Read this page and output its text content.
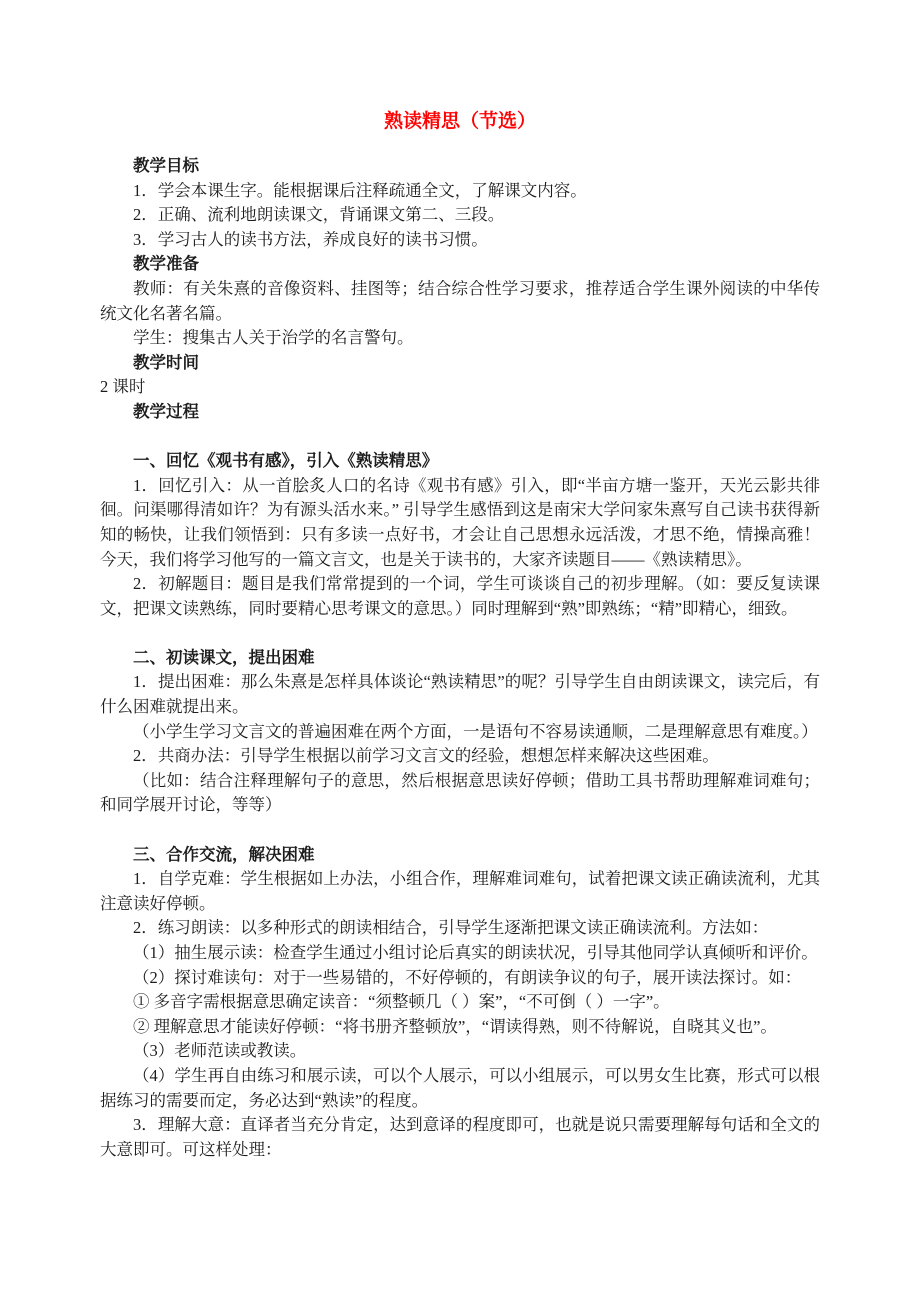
熟读精思（节选）

教学目标

1．学会本课生字。能根据课后注释疏通全文，了解课文内容。

2．正确、流利地朗读课文，背诵课文第二、三段。

3．学习古人的读书方法，养成良好的读书习惯。

教学准备

教师：有关朱熹的音像资料、挂图等；结合综合性学习要求，推荐适合学生课外阅读的中华传统文化名著名篇。

学生：搜集古人关于治学的名言警句。

教学时间

2 课时

教学过程

一、回忆《观书有感》，引入《熟读精思》

1．回忆引入：从一首脍炙人口的名诗《观书有感》引入，即“半亩方塘一鉴开，天光云影共徘徊。问渠哪得清如许？为有源头活水来。” 引导学生感悟到这是南宋大学问家朱熹写自己读书获得新知的畅快，让我们领悟到：只有多读一点好书，才会让自己思想永远活泼，才思不绝，情操高雅！今天，我们将学习他写的一篇文言文，也是关于读书的，大家齐读题目——《熟读精思》。

2．初解题目：题目是我们常常提到的一个词，学生可谈谈自己的初步理解。（如：要反复读课文，把课文读熟练，同时要精心思考课文的意思。）同时理解到“熟”即熟练；“精”即精心，细致。

二、初读课文，提出困难

1．提出困难：那么朱熹是怎样具体谈论“熟读精思”的呢？引导学生自由朗读课文，读完后，有什么困难就提出来。

（小学生学习文言文的普遍困难在两个方面，一是语句不容易读通顺，二是理解意思有难度。）

2．共商办法：引导学生根据以前学习文言文的经验，想想怎样来解决这些困难。

（比如：结合注释理解句子的意思，然后根据意思读好停顿；借助工具书帮助理解难词难句；和同学展开讨论，等等）

三、合作交流，解决困难

1．自学克难：学生根据如上办法，小组合作，理解难词难句，试着把课文读正确读流利，尤其注意读好停顿。

2．练习朗读：以多种形式的朗读相结合，引导学生逐渐把课文读正确读流利。方法如：

（1）抽生展示读：检查学生通过小组讨论后真实的朗读状况，引导其他同学认真倾听和评价。

（2）探讨难读句：对于一些易错的，不好停顿的，有朗读争议的句子，展开读法探讨。如：

① 多音字需根据意思确定读音：“须整顿几（ ）案”，“不可倒（ ）一字”。

② 理解意思才能读好停顿：“将书册齐整顿放”，“谓读得熟，则不待解说，自晓其义也”。

（3）老师范读或教读。

（4）学生再自由练习和展示读，可以个人展示，可以小组展示，可以男女生比赛，形式可以根据练习的需要而定，务必达到“熟读”的程度。

3．理解大意：直译者当充分肯定，达到意译的程度即可，也就是说只需要理解每句话和全文的大意即可。可这样处理：
